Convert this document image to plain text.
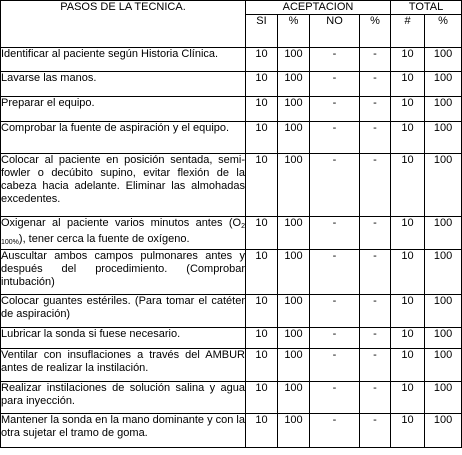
PASOS DE LA TECNICA.	ACEPTACION				TOTAL	
	SI	%	NO	%	#	%
Identificar al paciente según Historia Clínica.	10	100	-	-	10	100
Lavarse las manos.	10	100	-	-	10	100
Preparar el equipo.	10	100	-	-	10	100
Comprobar la fuente de aspiración y el equipo.	10	100	-	-	10	100
Colocar al paciente en posición sentada, semi-fowler o decúbito supino, evitar flexión de la cabeza hacia adelante. Eliminar las almohadas excedentes.	10	100	-	-	10	100
Oxigenar al paciente varios minutos antes $(O_{2 100\%})$, tener cerca la fuente de oxígeno.	10	100	-	-	10	100
Auscultar ambos campos pulmonares antes y después del procedimiento. (Comprobar intubación)	10	100	-	-	10	100
Colocar guantes estériles. (Para tomar el catéter de aspiración)	10	100	-	-	10	100
Lubricar la sonda si fuese necesario.	10	100	-	-	10	100
Ventilar con insuflaciones a través del AMBUR antes de realizar la instilación.	10	100	-	-	10	100
Realizar instilaciones de solución salina y agua para inyección.	10	100	-	-	10	100
Mantener la sonda en la mano dominante y con la otra sujetar el tramo de goma.	10	100	-	-	10	100
